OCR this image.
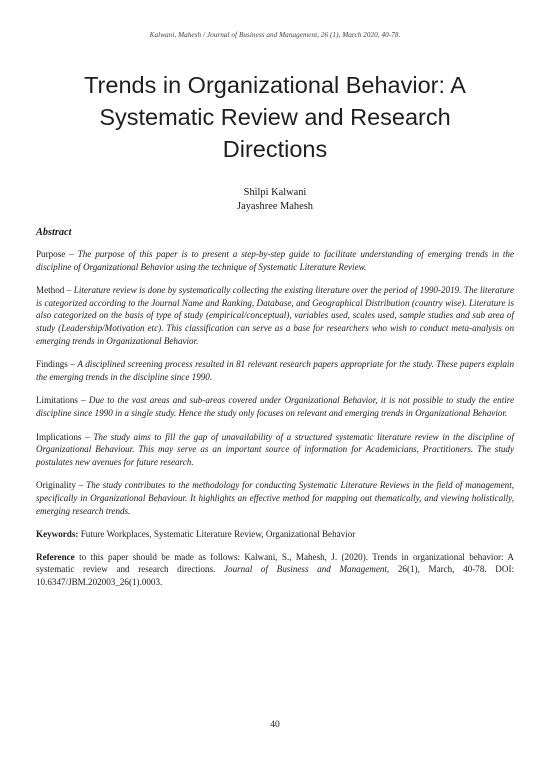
Kalwani, Mahesh / Journal of Business and Management, 26 (1), March 2020, 40-78.
Trends in Organizational Behavior: A
Systematic Review and Research
Directions
Shilpi Kalwani
Jayashree Mahesh
Abstract

Purpose – The purpose of this paper is to present a step-by-step guide to facilitate understanding of emerging trends in the discipline of Organizational Behavior using the technique of Systematic Literature Review.

Method – Literature review is done by systematically collecting the existing literature over the period of 1990-2019. The literature is categorized according to the Journal Name and Ranking, Database, and Geographical Distribution (country wise). Literature is also categorized on the basis of type of study (empirical/conceptual), variables used, scales used, sample studies and sub area of study (Leadership/Motivation etc). This classification can serve as a base for researchers who wish to conduct meta-analysis on emerging trends in Organizational Behavior.

Findings – A disciplined screening process resulted in 81 relevant research papers appropriate for the study. These papers explain the emerging trends in the discipline since 1990.

Limitations – Due to the vast areas and sub-areas covered under Organizational Behavior, it is not possible to study the entire discipline since 1990 in a single study. Hence the study only focuses on relevant and emerging trends in Organizational Behavior.

Implications – The study aims to fill the gap of unavailability of a structured systematic literature review in the discipline of Organizational Behaviour. This may serve as an important source of information for Academicians, Practitioners. The study postulates new avenues for future research.

Originality – The study contributes to the methodology for conducting Systematic Literature Reviews in the field of management, specifically in Organizational Behaviour. It highlights an effective method for mapping out thematically, and viewing holistically, emerging research trends.

Keywords: Future Workplaces, Systematic Literature Review, Organizational Behavior

Reference to this paper should be made as follows: Kalwani, S., Mahesh, J. (2020). Trends in organizational behavior: A systematic review and research directions. Journal of Business and Management, 26(1), March, 40-78. DOI: 10.6347/JBM.202003_26(1).0003.

40
